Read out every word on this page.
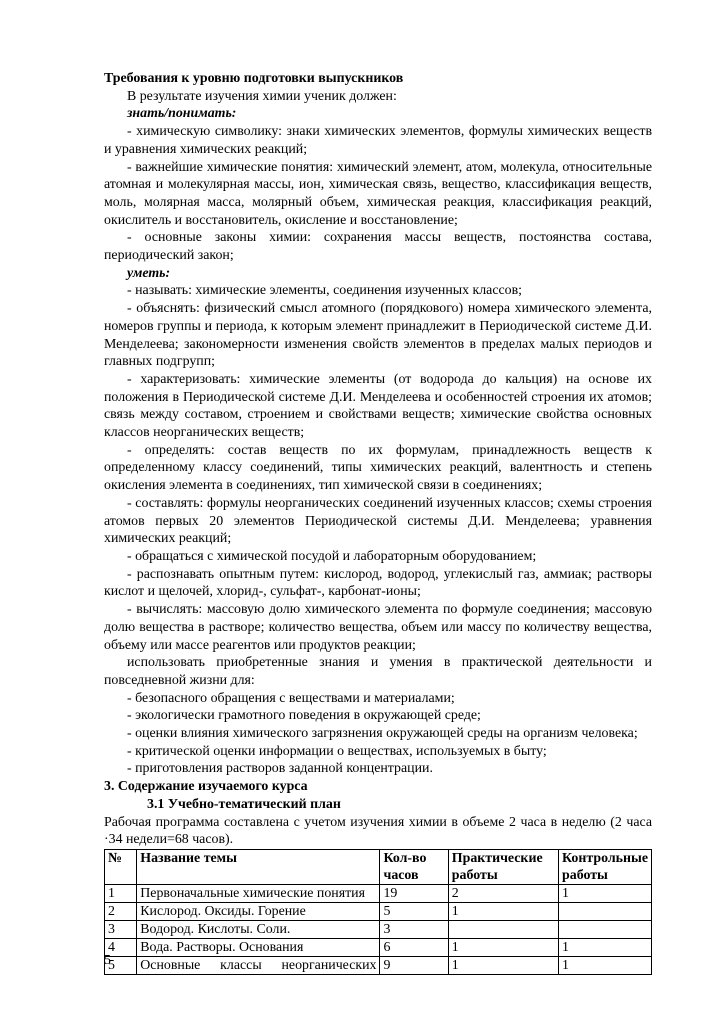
Требования к уровню подготовки выпускников

В результате изучения химии ученик должен:

знать/понимать:

- химическую символику: знаки химических элементов, формулы химических веществ и уравнения химических реакций;

- важнейшие химические понятия: химический элемент, атом, молекула, относительные атомная и молекулярная массы, ион, химическая связь, вещество, классификация веществ, моль, молярная масса, молярный объем, химическая реакция, классификация реакций, окислитель и восстановитель, окисление и восстановление;

- основные законы химии: сохранения массы веществ, постоянства состава, периодический закон;

уметь:

- называть: химические элементы, соединения изученных классов;

- объяснять: физический смысл атомного (порядкового) номера химического элемента, номеров группы и периода, к которым элемент принадлежит в Периодической системе Д.И. Менделеева; закономерности изменения свойств элементов в пределах малых периодов и главных подгрупп;

- характеризовать: химические элементы (от водорода до кальция) на основе их положения в Периодической системе Д.И. Менделеева и особенностей строения их атомов; связь между составом, строением и свойствами веществ; химические свойства основных классов неорганических веществ;

- определять: состав веществ по их формулам, принадлежность веществ к определенному классу соединений, типы химических реакций, валентность и степень окисления элемента в соединениях, тип химической связи в соединениях;

- составлять: формулы неорганических соединений изученных классов; схемы строения атомов первых 20 элементов Периодической системы Д.И. Менделеева; уравнения химических реакций;

- обращаться с химической посудой и лабораторным оборудованием;

- распознавать опытным путем: кислород, водород, углекислый газ, аммиак; растворы кислот и щелочей, хлорид-, сульфат-, карбонат-ионы;

- вычислять: массовую долю химического элемента по формуле соединения; массовую долю вещества в растворе; количество вещества, объем или массу по количеству вещества, объему или массе реагентов или продуктов реакции;

использовать приобретенные знания и умения в практической деятельности и повседневной жизни для:

- безопасного обращения с веществами и материалами;

- экологически грамотного поведения в окружающей среде;

- оценки влияния химического загрязнения окружающей среды на организм человека;

- критической оценки информации о веществах, используемых в быту;

- приготовления растворов заданной концентрации.

3. Содержание изучаемого курса

3.1 Учебно-тематический план

Рабочая программа составлена с учетом изучения химии в объеме 2 часа в неделю (2 часа ·34 недели=68 часов).

№	Название темы	Кол-во часов	Практические работы	Контрольные работы
1	Первоначальные химические понятия	19	2	1
2	Кислород. Оксиды. Горение	5	1	
3	Водород. Кислоты. Соли.	3		
4	Вода. Растворы. Основания	6	1	1
5	Основные классы неорганических	9	1	1
5
